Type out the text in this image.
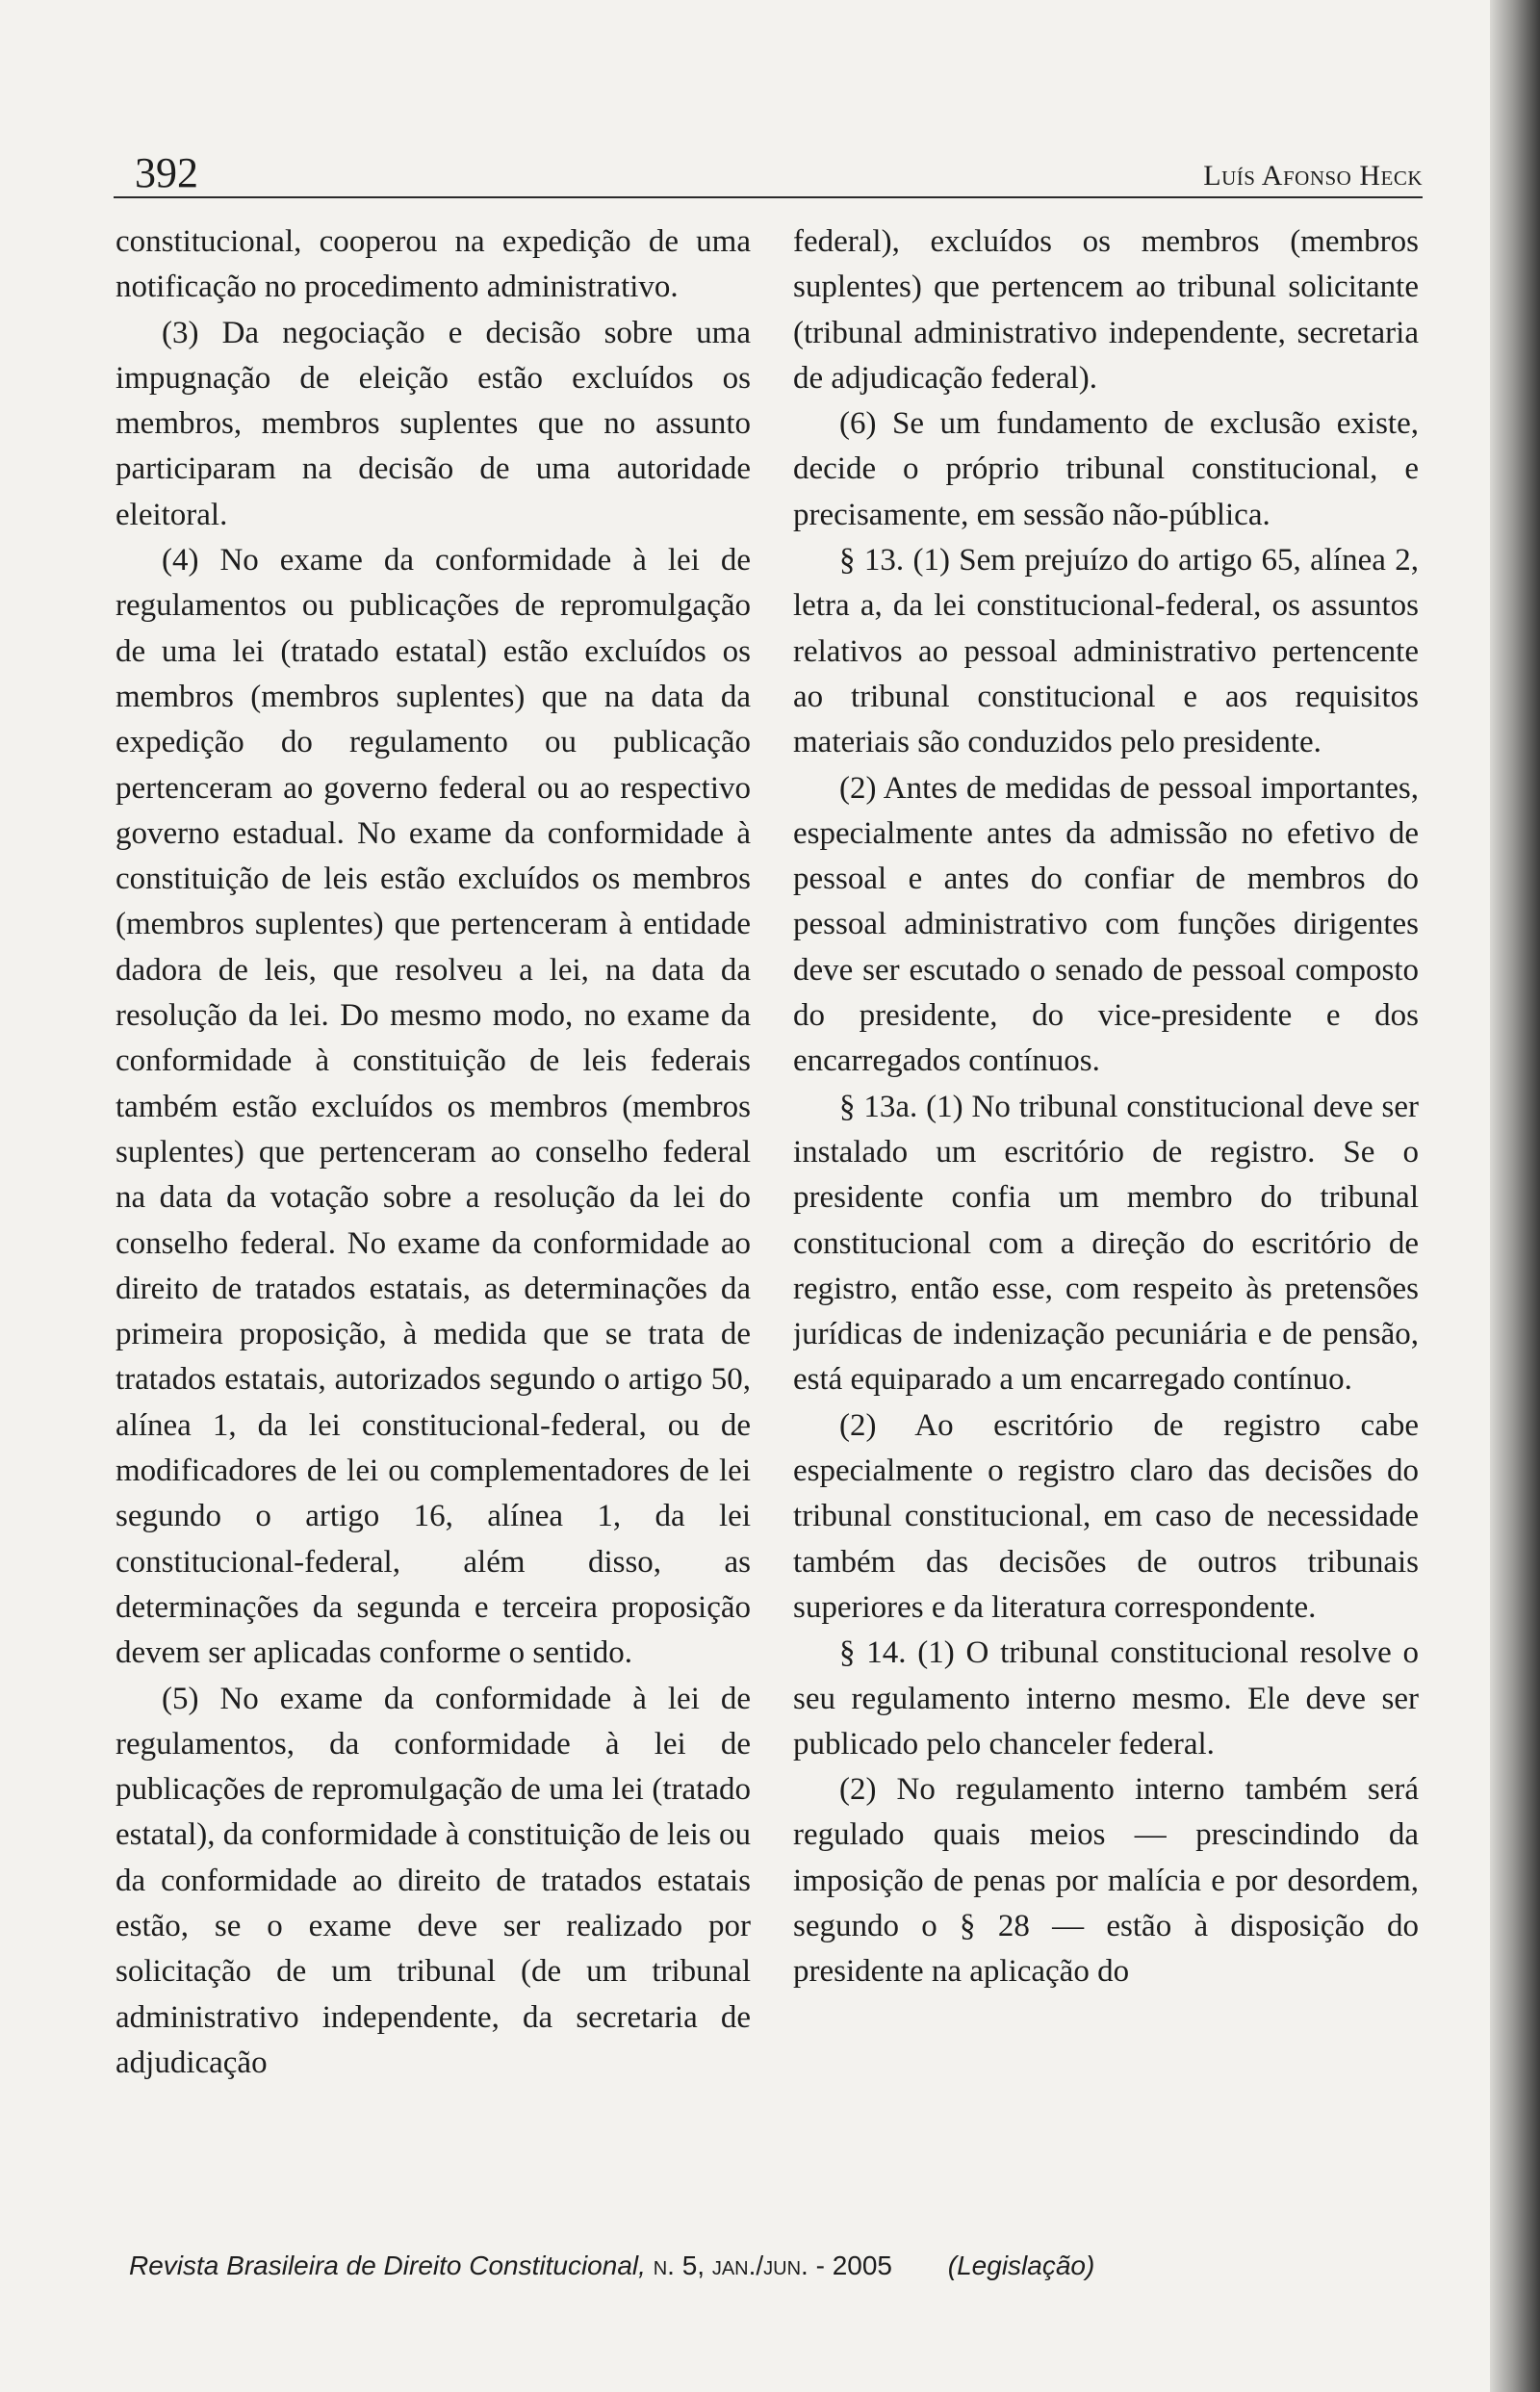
392	Luís Afonso Heck

constitucional, cooperou na expedição de uma notificação no procedimento administrativo.

(3) Da negociação e decisão sobre uma impugnação de eleição estão excluídos os membros, membros suplentes que no assunto participaram na decisão de uma autoridade eleitoral.

(4) No exame da conformidade à lei de regulamentos ou publicações de repromulgação de uma lei (tratado estatal) estão excluídos os membros (membros suplentes) que na data da expedição do regulamento ou publicação pertenceram ao governo federal ou ao respectivo governo estadual. No exame da conformidade à constituição de leis estão excluídos os membros (membros suplentes) que pertenceram à entidade dadora de leis, que resolveu a lei, na data da resolução da lei. Do mesmo modo, no exame da conformidade à constituição de leis federais também estão excluídos os membros (membros suplentes) que pertenceram ao conselho federal na data da votação sobre a resolução da lei do conselho federal. No exame da conformidade ao direito de tratados estatais, as determinações da primeira proposição, à medida que se trata de tratados estatais, autorizados segundo o artigo 50, alínea 1, da lei constitucional-federal, ou de modificadores de lei ou complementadores de lei segundo o artigo 16, alínea 1, da lei constitucional-federal, além disso, as determinações da segunda e terceira proposição devem ser aplicadas conforme o sentido.

(5) No exame da conformidade à lei de regulamentos, da conformidade à lei de publicações de repromulgação de uma lei (tratado estatal), da conformidade à constituição de leis ou da conformidade ao direito de tratados estatais estão, se o exame deve ser realizado por solicitação de um tribunal (de um tribunal administrativo independente, da secretaria de adjudicação

federal), excluídos os membros (membros suplentes) que pertencem ao tribunal solicitante (tribunal administrativo independente, secretaria de adjudicação federal).

(6) Se um fundamento de exclusão existe, decide o próprio tribunal constitucional, e precisamente, em sessão não-pública.

§ 13. (1) Sem prejuízo do artigo 65, alínea 2, letra a, da lei constitucional-federal, os assuntos relativos ao pessoal administrativo pertencente ao tribunal constitucional e aos requisitos materiais são conduzidos pelo presidente.

(2) Antes de medidas de pessoal importantes, especialmente antes da admissão no efetivo de pessoal e antes do confiar de membros do pessoal administrativo com funções dirigentes deve ser escutado o senado de pessoal composto do presidente, do vice-presidente e dos encarregados contínuos.

§ 13a. (1) No tribunal constitucional deve ser instalado um escritório de registro. Se o presidente confia um membro do tribunal constitucional com a direção do escritório de registro, então esse, com respeito às pretensões jurídicas de indenização pecuniária e de pensão, está equiparado a um encarregado contínuo.

(2) Ao escritório de registro cabe especialmente o registro claro das decisões do tribunal constitucional, em caso de necessidade também das decisões de outros tribunais superiores e da literatura correspondente.

§ 14. (1) O tribunal constitucional resolve o seu regulamento interno mesmo. Ele deve ser publicado pelo chanceler federal.

(2) No regulamento interno também será regulado quais meios — prescindindo da imposição de penas por malícia e por desordem, segundo o § 28 — estão à disposição do presidente na aplicação do

Revista Brasileira de Direito Constitucional, n. 5, jan./jun. - 2005 (Legislação)
